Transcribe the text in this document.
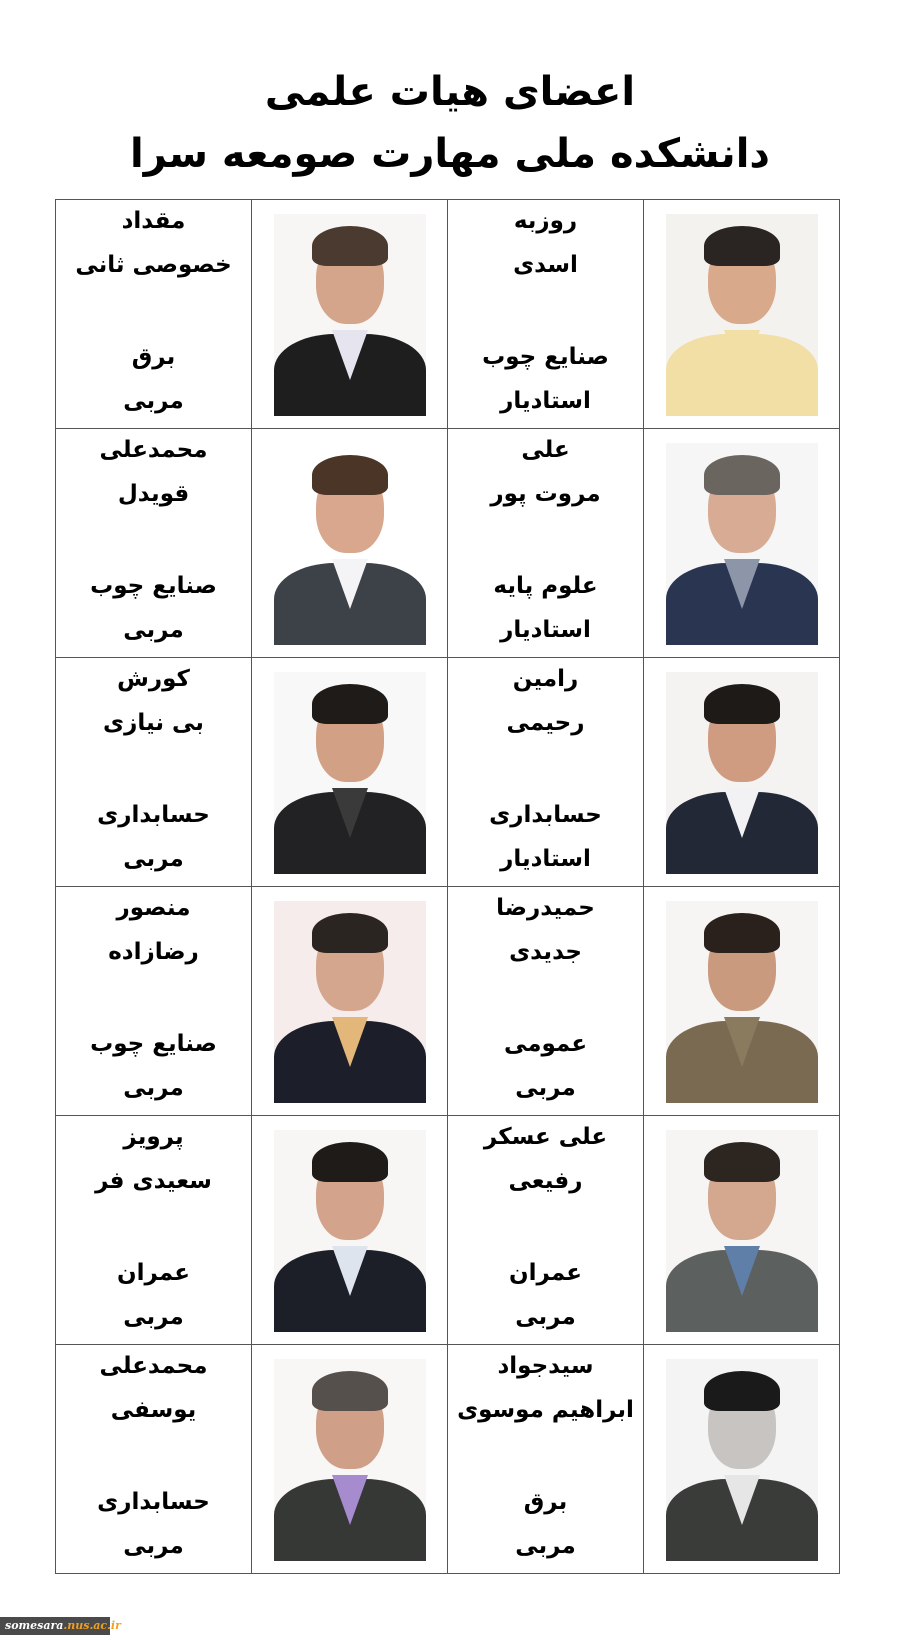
اعضای هیات علمی
دانشکده ملی مهارت صومعه سرا

روزبه
اسدی
صنایع چوب
استادیار

مقداد
خصوصی ثانی
برق
مربی

علی
مروت پور
علوم پایه
استادیار

محمدعلی
قویدل
صنایع چوب
مربی

رامین
رحیمی
حسابداری
استادیار

کورش
بی نیازی
حسابداری
مربی

حمیدرضا
جدیدی
عمومی
مربی

منصور
رضازاده
صنایع چوب
مربی

علی عسکر
رفیعی
عمران
مربی

پرویز
سعیدی فر
عمران
مربی

سیدجواد
ابراهیم موسوی
برق
مربی

محمدعلی
یوسفی
حسابداری
مربی
somesara.nus.ac.ir
